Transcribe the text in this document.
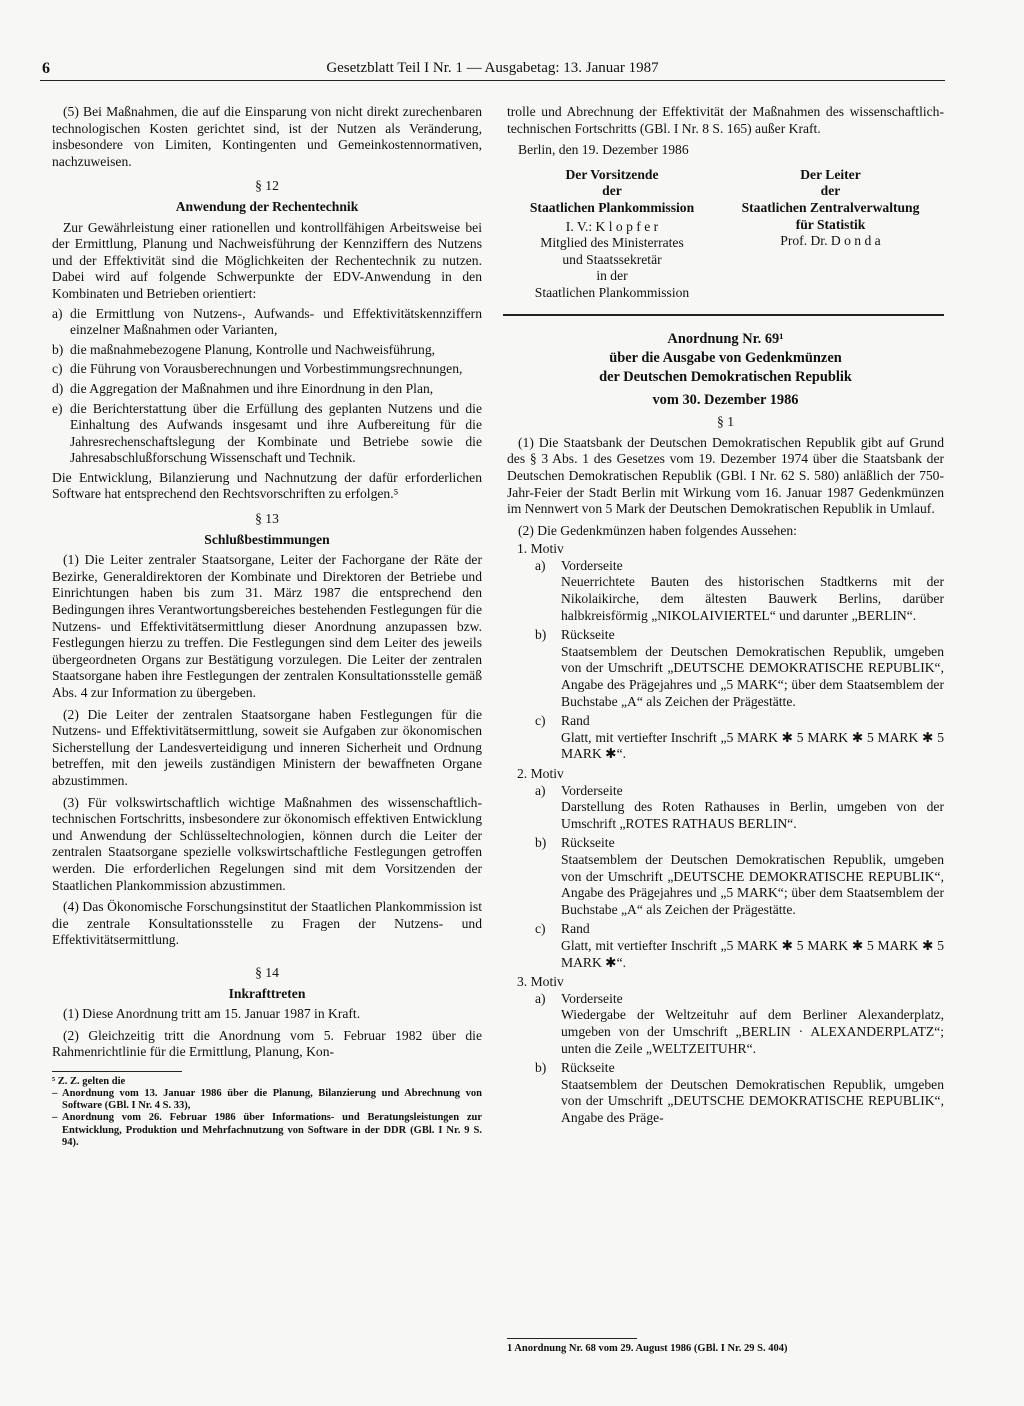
6	Gesetzblatt Teil I Nr. 1 — Ausgabetag: 13. Januar 1987

(5) Bei Maßnahmen, die auf die Einsparung von nicht direkt zurechenbaren technologischen Kosten gerichtet sind, ist der Nutzen als Veränderung, insbesondere von Limiten, Kontingenten und Gemeinkostennormativen, nachzuweisen.

§ 12
Anwendung der Rechentechnik

Zur Gewährleistung einer rationellen und kontrollfähigen Arbeitsweise bei der Ermittlung, Planung und Nachweisführung der Kennziffern des Nutzens und der Effektivität sind die Möglichkeiten der Rechentechnik zu nutzen. Dabei wird auf folgende Schwerpunkte der EDV-Anwendung in den Kombinaten und Betrieben orientiert:

a) die Ermittlung von Nutzens-, Aufwands- und Effektivitätskennziffern einzelner Maßnahmen oder Varianten,
b) die maßnahmebezogene Planung, Kontrolle und Nachweisführung,
c) die Führung von Vorausberechnungen und Vorbestimmungsrechnungen,
d) die Aggregation der Maßnahmen und ihre Einordnung in den Plan,
e) die Berichterstattung über die Erfüllung des geplanten Nutzens und die Einhaltung des Aufwands insgesamt und ihre Aufbereitung für die Jahresrechenschaftslegung der Kombinate und Betriebe sowie die Jahresabschlußforschung Wissenschaft und Technik.

Die Entwicklung, Bilanzierung und Nachnutzung der dafür erforderlichen Software hat entsprechend den Rechtsvorschriften zu erfolgen.⁵

§ 13
Schlußbestimmungen

(1) Die Leiter zentraler Staatsorgane, Leiter der Fachorgane der Räte der Bezirke, Generaldirektoren der Kombinate und Direktoren der Betriebe und Einrichtungen haben bis zum 31. März 1987 die entsprechend den Bedingungen ihres Verantwortungsbereiches bestehenden Festlegungen für die Nutzens- und Effektivitätsermittlung dieser Anordnung anzupassen bzw. Festlegungen hierzu zu treffen. Die Festlegungen sind dem Leiter des jeweils übergeordneten Organs zur Bestätigung vorzulegen. Die Leiter der zentralen Staatsorgane haben ihre Festlegungen der zentralen Konsultationsstelle gemäß Abs. 4 zur Information zu übergeben.

(2) Die Leiter der zentralen Staatsorgane haben Festlegungen für die Nutzens- und Effektivitätsermittlung, soweit sie Aufgaben zur ökonomischen Sicherstellung der Landesverteidigung und inneren Sicherheit und Ordnung betreffen, mit den jeweils zuständigen Ministern der bewaffneten Organe abzustimmen.

(3) Für volkswirtschaftlich wichtige Maßnahmen des wissenschaftlich-technischen Fortschritts, insbesondere zur ökonomisch effektiven Entwicklung und Anwendung der Schlüsseltechnologien, können durch die Leiter der zentralen Staatsorgane spezielle volkswirtschaftliche Festlegungen getroffen werden. Die erforderlichen Regelungen sind mit dem Vorsitzenden der Staatlichen Plankommission abzustimmen.

(4) Das Ökonomische Forschungsinstitut der Staatlichen Plankommission ist die zentrale Konsultationsstelle zu Fragen der Nutzens- und Effektivitätsermittlung.

§ 14
Inkrafttreten

(1) Diese Anordnung tritt am 15. Januar 1987 in Kraft.

(2) Gleichzeitig tritt die Anordnung vom 5. Februar 1982 über die Rahmenrichtlinie für die Ermittlung, Planung, Kon-

⁵ Z. Z. gelten die

– Anordnung vom 13. Januar 1986 über die Planung, Bilanzierung und Abrechnung von Software (GBl. I Nr. 4 S. 33),
– Anordnung vom 26. Februar 1986 über Informations- und Beratungsleistungen zur Entwicklung, Produktion und Mehrfachnutzung von Software in der DDR (GBl. I Nr. 9 S. 94).

trolle und Abrechnung der Effektivität der Maßnahmen des wissenschaftlich-technischen Fortschritts (GBl. I Nr. 8 S. 165) außer Kraft.

Berlin, den 19. Dezember 1986

Der Vorsitzende
der
Staatlichen Plankommission
I. V.: K l o p f e r
Mitglied des Ministerrates
und Staatssekretär
in der
Staatlichen Plankommission
Der Leiter
der
Staatlichen Zentralverwaltung
für Statistik
Prof. Dr. D o n d a
Anordnung Nr. 69¹
über die Ausgabe von Gedenkmünzen
der Deutschen Demokratischen Republik
vom 30. Dezember 1986
§ 1

(1) Die Staatsbank der Deutschen Demokratischen Republik gibt auf Grund des § 3 Abs. 1 des Gesetzes vom 19. Dezember 1974 über die Staatsbank der Deutschen Demokratischen Republik (GBl. I Nr. 62 S. 580) anläßlich der 750-Jahr-Feier der Stadt Berlin mit Wirkung vom 16. Januar 1987 Gedenkmünzen im Nennwert von 5 Mark der Deutschen Demokratischen Republik in Umlauf.

(2) Die Gedenkmünzen haben folgendes Aussehen:

1. Motiv
a)	Vorderseite
Neuerrichtete Bauten des historischen Stadtkerns mit der Nikolaikirche, dem ältesten Bauwerk Berlins, darüber halbkreisförmig „NIKOLAIVIERTEL“ und darunter „BERLIN“.
b)	Rückseite
Staatsemblem der Deutschen Demokratischen Republik, umgeben von der Umschrift „DEUTSCHE DEMOKRATISCHE REPUBLIK“, Angabe des Prägejahres und „5 MARK“; über dem Staatsemblem der Buchstabe „A“ als Zeichen der Prägestätte.
c)	Rand
Glatt, mit vertiefter Inschrift „5 MARK ✱ 5 MARK ✱ 5 MARK ✱ 5 MARK ✱“.
2. Motiv
a)	Vorderseite
Darstellung des Roten Rathauses in Berlin, umgeben von der Umschrift „ROTES RATHAUS BERLIN“.
b)	Rückseite
Staatsemblem der Deutschen Demokratischen Republik, umgeben von der Umschrift „DEUTSCHE DEMOKRATISCHE REPUBLIK“, Angabe des Prägejahres und „5 MARK“; über dem Staatsemblem der Buchstabe „A“ als Zeichen der Prägestätte.
c)	Rand
Glatt, mit vertiefter Inschrift „5 MARK ✱ 5 MARK ✱ 5 MARK ✱ 5 MARK ✱“.
3. Motiv
a)	Vorderseite
Wiedergabe der Weltzeituhr auf dem Berliner Alexanderplatz, umgeben von der Umschrift „BERLIN · ALEXANDERPLATZ“; unten die Zeile „WELTZEITUHR“.
b)	Rückseite
Staatsemblem der Deutschen Demokratischen Republik, umgeben von der Umschrift „DEUTSCHE DEMOKRATISCHE REPUBLIK“, Angabe des Präge-

1 Anordnung Nr. 68 vom 29. August 1986 (GBl. I Nr. 29 S. 404)
